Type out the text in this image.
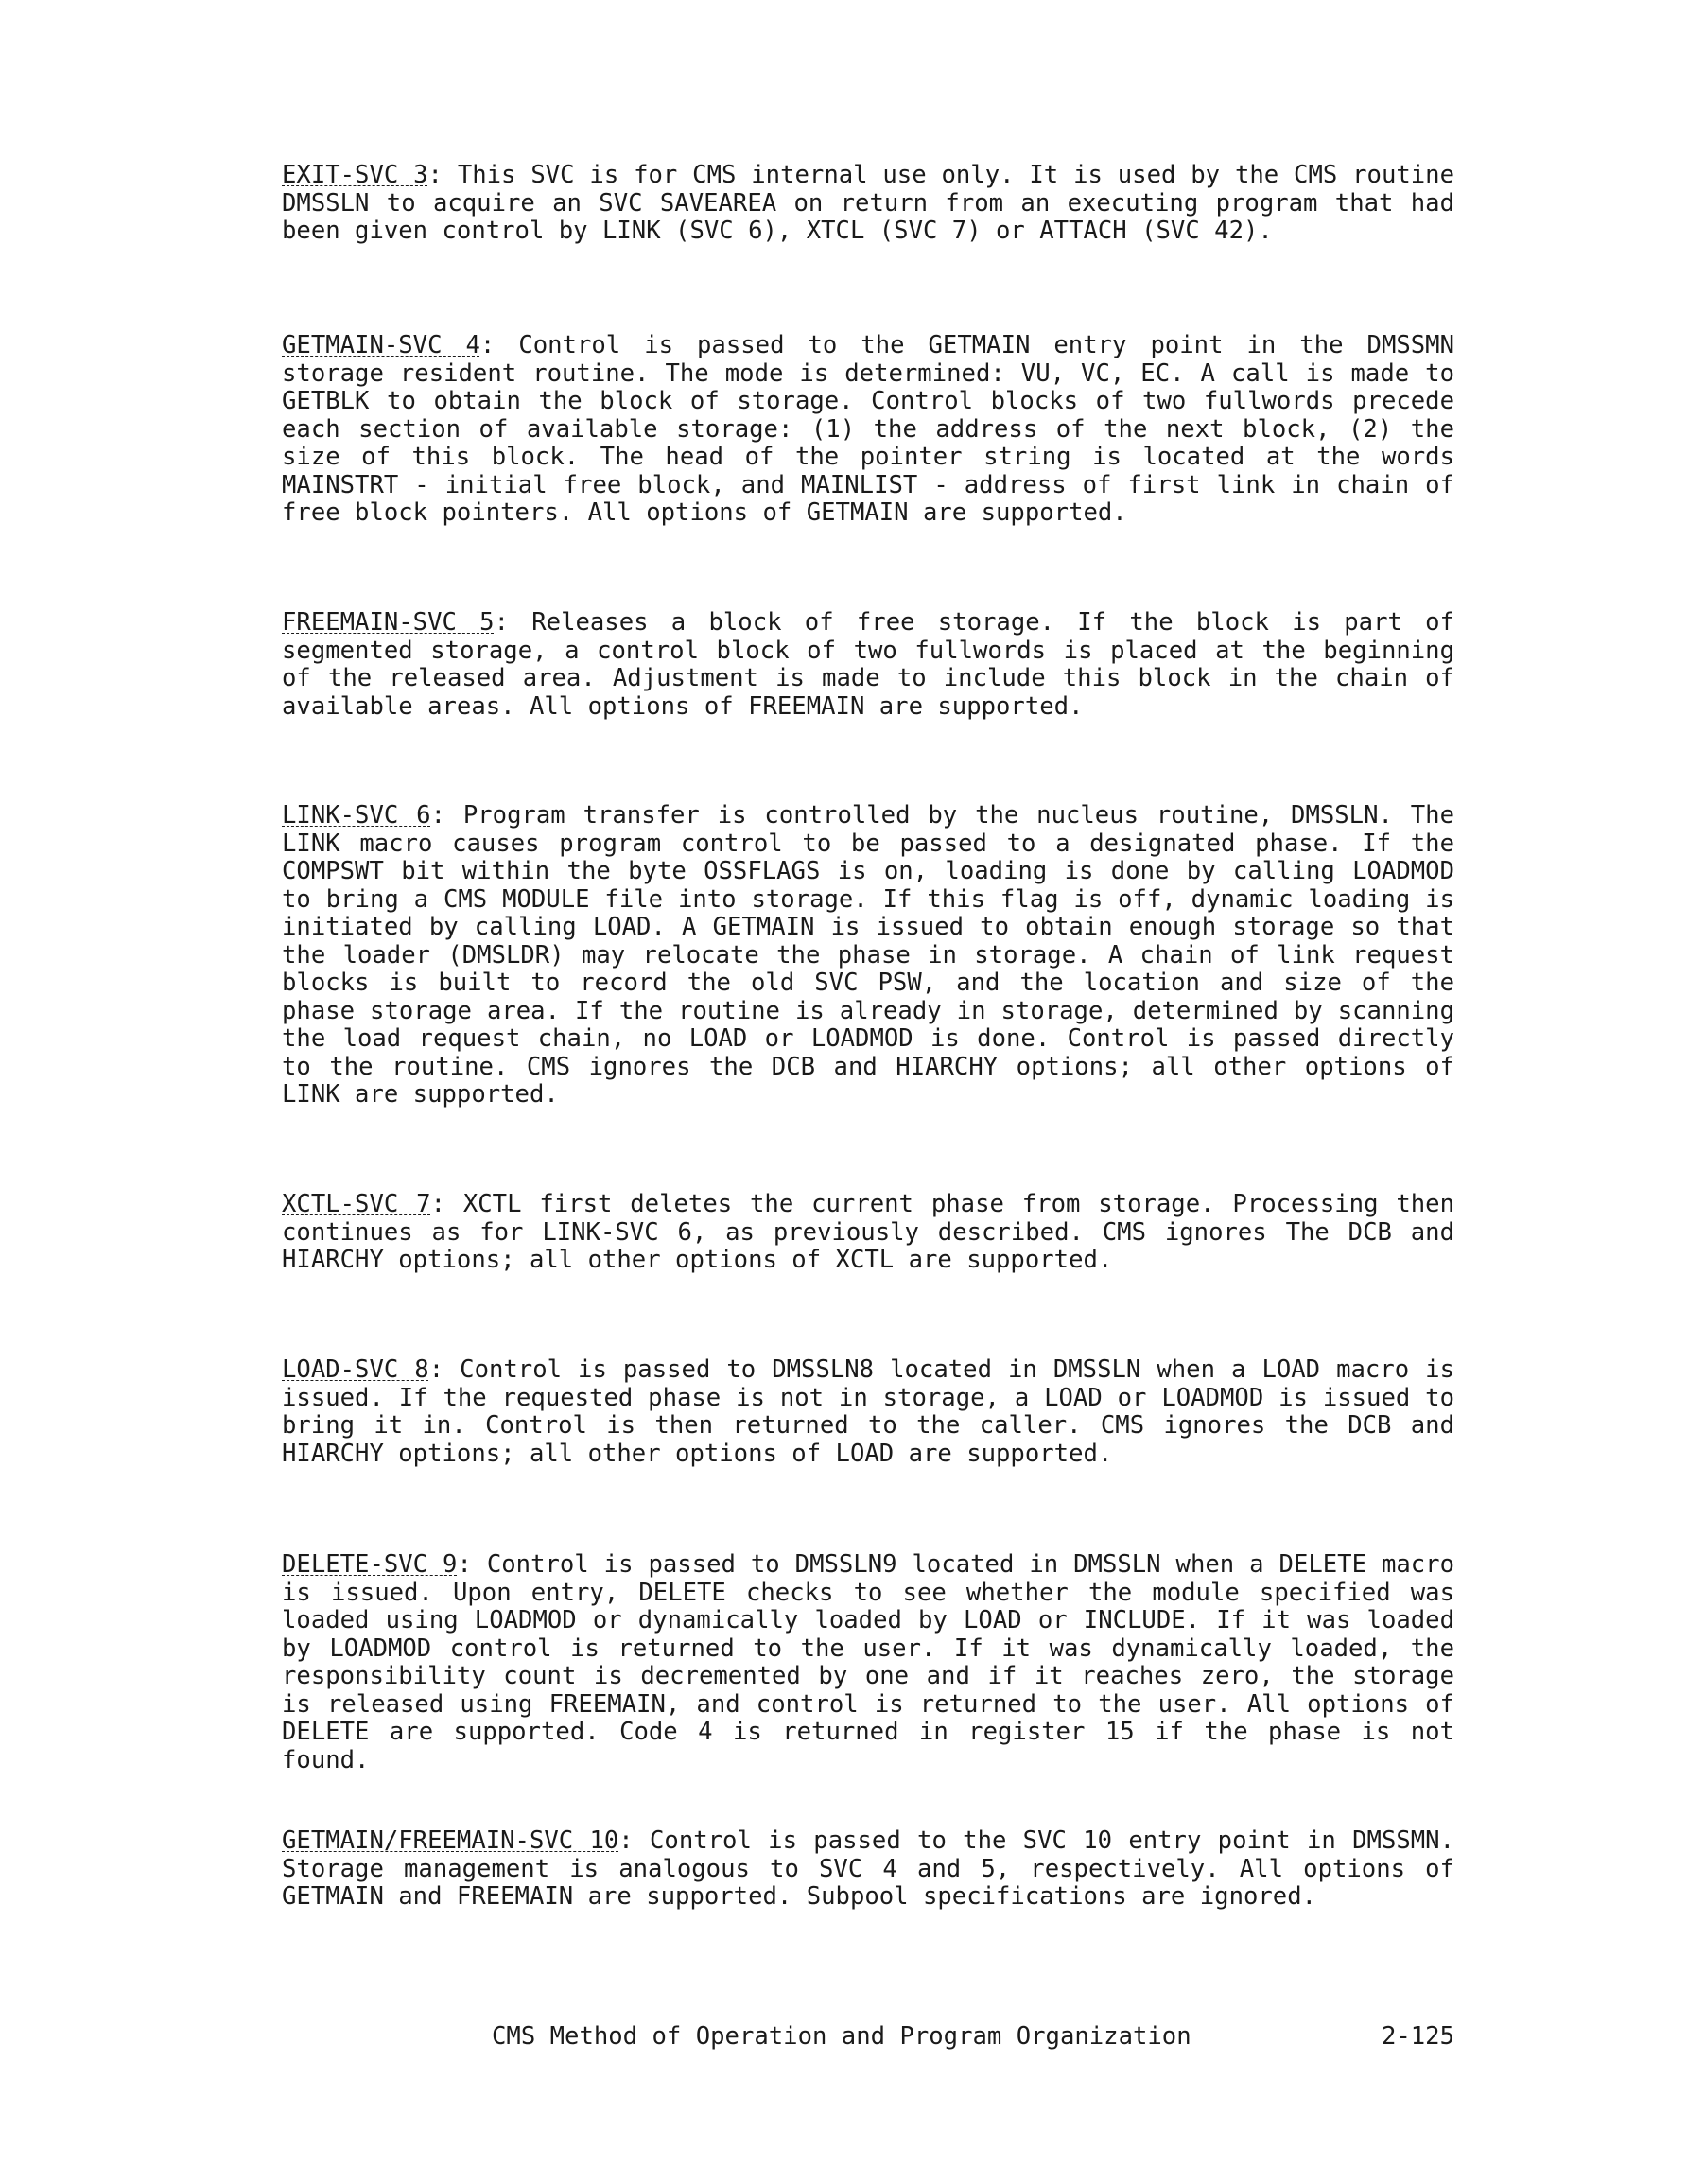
EXIT-SVC 3: This SVC is for CMS internal use only. It is used by the CMS routine DMSSLN to acquire an SVC SAVEAREA on return from an executing program that had been given control by LINK (SVC 6), XTCL (SVC 7) or ATTACH (SVC 42).

GETMAIN-SVC 4: Control is passed to the GETMAIN entry point in the DMSSMN storage resident routine. The mode is determined: VU, VC, EC. A call is made to GETBLK to obtain the block of storage. Control blocks of two fullwords precede each section of available storage: (1) the address of the next block, (2) the size of this block. The head of the pointer string is located at the words MAINSTRT - initial free block, and MAINLIST - address of first link in chain of free block pointers. All options of GETMAIN are supported.

FREEMAIN-SVC 5: Releases a block of free storage. If the block is part of segmented storage, a control block of two fullwords is placed at the beginning of the released area. Adjustment is made to include this block in the chain of available areas. All options of FREEMAIN are supported.

LINK-SVC 6: Program transfer is controlled by the nucleus routine, DMSSLN. The LINK macro causes program control to be passed to a designated phase. If the COMPSWT bit within the byte OSSFLAGS is on, loading is done by calling LOADMOD to bring a CMS MODULE file into storage. If this flag is off, dynamic loading is initiated by calling LOAD. A GETMAIN is issued to obtain enough storage so that the loader (DMSLDR) may relocate the phase in storage. A chain of link request blocks is built to record the old SVC PSW, and the location and size of the phase storage area. If the routine is already in storage, determined by scanning the load request chain, no LOAD or LOADMOD is done. Control is passed directly to the routine. CMS ignores the DCB and HIARCHY options; all other options of LINK are supported.

XCTL-SVC 7: XCTL first deletes the current phase from storage. Processing then continues as for LINK-SVC 6, as previously described. CMS ignores The DCB and HIARCHY options; all other options of XCTL are supported.

LOAD-SVC 8: Control is passed to DMSSLN8 located in DMSSLN when a LOAD macro is issued. If the requested phase is not in storage, a LOAD or LOADMOD is issued to bring it in. Control is then returned to the caller. CMS ignores the DCB and HIARCHY options; all other options of LOAD are supported.

DELETE-SVC 9: Control is passed to DMSSLN9 located in DMSSLN when a DELETE macro is issued. Upon entry, DELETE checks to see whether the module specified was loaded using LOADMOD or dynamically loaded by LOAD or INCLUDE. If it was loaded by LOADMOD control is returned to the user. If it was dynamically loaded, the responsibility count is decremented by one and if it reaches zero, the storage is released using FREEMAIN, and control is returned to the user. All options of DELETE are supported. Code 4 is returned in register 15 if the phase is not found.

GETMAIN/FREEMAIN-SVC 10: Control is passed to the SVC 10 entry point in DMSSMN. Storage management is analogous to SVC 4 and 5, respectively. All options of GETMAIN and FREEMAIN are supported. Subpool specifications are ignored.

CMS Method of Operation and Program Organization	2-125
